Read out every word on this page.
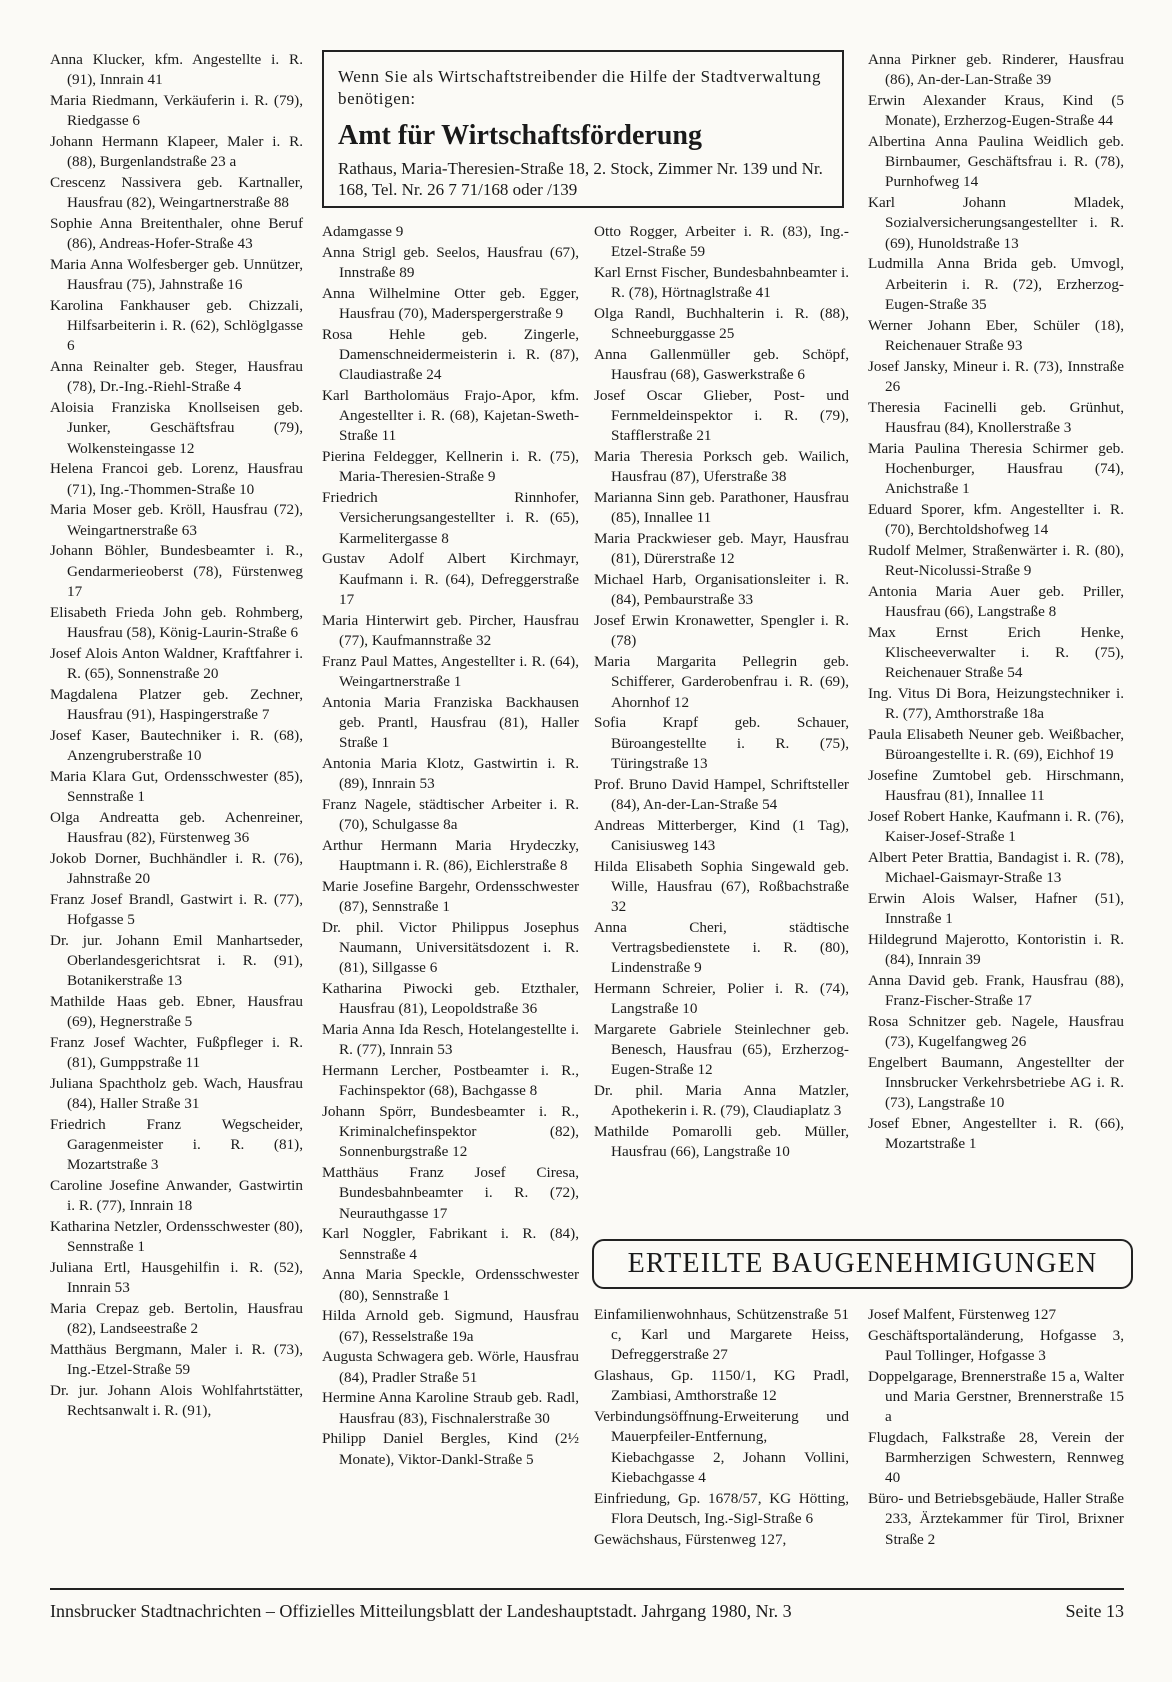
Anna Klucker, kfm. Angestellte i. R. (91), Innrain 41

Maria Riedmann, Verkäuferin i. R. (79), Riedgasse 6

Johann Hermann Klapeer, Maler i. R. (88), Burgenlandstraße 23 a

Crescenz Nassivera geb. Kartnaller, Hausfrau (82), Weingartnerstraße 88

Sophie Anna Breitenthaler, ohne Beruf (86), Andreas-Hofer-Straße 43

Maria Anna Wolfesberger geb. Unnützer, Hausfrau (75), Jahnstraße 16

Karolina Fankhauser geb. Chizzali, Hilfsarbeiterin i. R. (62), Schlöglgasse 6

Anna Reinalter geb. Steger, Hausfrau (78), Dr.-Ing.-Riehl-Straße 4

Aloisia Franziska Knollseisen geb. Junker, Geschäftsfrau (79), Wolkensteingasse 12

Helena Francoi geb. Lorenz, Hausfrau (71), Ing.-Thommen-Straße 10

Maria Moser geb. Kröll, Hausfrau (72), Weingartnerstraße 63

Johann Böhler, Bundesbeamter i. R., Gendarmerieoberst (78), Fürstenweg 17

Elisabeth Frieda John geb. Rohmberg, Hausfrau (58), König-Laurin-Straße 6

Josef Alois Anton Waldner, Kraftfahrer i. R. (65), Sonnenstraße 20

Magdalena Platzer geb. Zechner, Hausfrau (91), Haspingerstraße 7

Josef Kaser, Bautechniker i. R. (68), Anzengruberstraße 10

Maria Klara Gut, Ordensschwester (85), Sennstraße 1

Olga Andreatta geb. Achenreiner, Hausfrau (82), Fürstenweg 36

Jokob Dorner, Buchhändler i. R. (76), Jahnstraße 20

Franz Josef Brandl, Gastwirt i. R. (77), Hofgasse 5

Dr. jur. Johann Emil Manhartseder, Oberlandesgerichtsrat i. R. (91), Botanikerstraße 13

Mathilde Haas geb. Ebner, Hausfrau (69), Hegnerstraße 5

Franz Josef Wachter, Fußpfleger i. R. (81), Gumppstraße 11

Juliana Spachtholz geb. Wach, Hausfrau (84), Haller Straße 31

Friedrich Franz Wegscheider, Garagenmeister i. R. (81), Mozartstraße 3

Caroline Josefine Anwander, Gastwirtin i. R. (77), Innrain 18

Katharina Netzler, Ordensschwester (80), Sennstraße 1

Juliana Ertl, Hausgehilfin i. R. (52), Innrain 53

Maria Crepaz geb. Bertolin, Hausfrau (82), Landseestraße 2

Matthäus Bergmann, Maler i. R. (73), Ing.-Etzel-Straße 59

Dr. jur. Johann Alois Wohlfahrtstätter, Rechtsanwalt i. R. (91),

Wenn Sie als Wirtschaftstreibender die Hilfe der Stadtverwaltung benötigen:

Amt für Wirtschaftsförderung

Rathaus, Maria-Theresien-Straße 18, 2. Stock, Zimmer Nr. 139 und Nr. 168, Tel. Nr. 26 7 71/168 oder /139

Adamgasse 9

Anna Strigl geb. Seelos, Hausfrau (67), Innstraße 89

Anna Wilhelmine Otter geb. Egger, Hausfrau (70), Maderspergerstraße 9

Rosa Hehle geb. Zingerle, Damenschneidermeisterin i. R. (87), Claudiastraße 24

Karl Bartholomäus Frajo-Apor, kfm. Angestellter i. R. (68), Kajetan-Sweth-Straße 11

Pierina Feldegger, Kellnerin i. R. (75), Maria-Theresien-Straße 9

Friedrich Rinnhofer, Versicherungsangestellter i. R. (65), Karmelitergasse 8

Gustav Adolf Albert Kirchmayr, Kaufmann i. R. (64), Defreggerstraße 17

Maria Hinterwirt geb. Pircher, Hausfrau (77), Kaufmannstraße 32

Franz Paul Mattes, Angestellter i. R. (64), Weingartnerstraße 1

Antonia Maria Franziska Backhausen geb. Prantl, Hausfrau (81), Haller Straße 1

Antonia Maria Klotz, Gastwirtin i. R. (89), Innrain 53

Franz Nagele, städtischer Arbeiter i. R. (70), Schulgasse 8a

Arthur Hermann Maria Hrydeczky, Hauptmann i. R. (86), Eichlerstraße 8

Marie Josefine Bargehr, Ordensschwester (87), Sennstraße 1

Dr. phil. Victor Philippus Josephus Naumann, Universitätsdozent i. R. (81), Sillgasse 6

Katharina Piwocki geb. Etzthaler, Hausfrau (81), Leopoldstraße 36

Maria Anna Ida Resch, Hotelangestellte i. R. (77), Innrain 53

Hermann Lercher, Postbeamter i. R., Fachinspektor (68), Bachgasse 8

Johann Spörr, Bundesbeamter i. R., Kriminalchefinspektor (82), Sonnenburgstraße 12

Matthäus Franz Josef Ciresa, Bundesbahnbeamter i. R. (72), Neurauthgasse 17

Karl Noggler, Fabrikant i. R. (84), Sennstraße 4

Anna Maria Speckle, Ordensschwester (80), Sennstraße 1

Hilda Arnold geb. Sigmund, Hausfrau (67), Resselstraße 19a

Augusta Schwagera geb. Wörle, Hausfrau (84), Pradler Straße 51

Hermine Anna Karoline Straub geb. Radl, Hausfrau (83), Fischnalerstraße 30

Philipp Daniel Bergles, Kind (2½ Monate), Viktor-Dankl-Straße 5

Otto Rogger, Arbeiter i. R. (83), Ing.-Etzel-Straße 59

Karl Ernst Fischer, Bundesbahnbeamter i. R. (78), Hörtnaglstraße 41

Olga Randl, Buchhalterin i. R. (88), Schneeburggasse 25

Anna Gallenmüller geb. Schöpf, Hausfrau (68), Gaswerkstraße 6

Josef Oscar Glieber, Post- und Fernmeldeinspektor i. R. (79), Stafflerstraße 21

Maria Theresia Porksch geb. Wailich, Hausfrau (87), Uferstraße 38

Marianna Sinn geb. Parathoner, Hausfrau (85), Innallee 11

Maria Prackwieser geb. Mayr, Hausfrau (81), Dürerstraße 12

Michael Harb, Organisationsleiter i. R. (84), Pembaurstraße 33

Josef Erwin Kronawetter, Spengler i. R. (78)

Maria Margarita Pellegrin geb. Schifferer, Garderobenfrau i. R. (69), Ahornhof 12

Sofia Krapf geb. Schauer, Büroangestellte i. R. (75), Türingstraße 13

Prof. Bruno David Hampel, Schriftsteller (84), An-der-Lan-Straße 54

Andreas Mitterberger, Kind (1 Tag), Canisiusweg 143

Hilda Elisabeth Sophia Singewald geb. Wille, Hausfrau (67), Roßbachstraße 32

Anna Cheri, städtische Vertragsbedienstete i. R. (80), Lindenstraße 9

Hermann Schreier, Polier i. R. (74), Langstraße 10

Margarete Gabriele Steinlechner geb. Benesch, Hausfrau (65), Erzherzog-Eugen-Straße 12

Dr. phil. Maria Anna Matzler, Apothekerin i. R. (79), Claudiaplatz 3

Mathilde Pomarolli geb. Müller, Hausfrau (66), Langstraße 10

Anna Pirkner geb. Rinderer, Hausfrau (86), An-der-Lan-Straße 39

Erwin Alexander Kraus, Kind (5 Monate), Erzherzog-Eugen-Straße 44

Albertina Anna Paulina Weidlich geb. Birnbaumer, Geschäftsfrau i. R. (78), Purnhofweg 14

Karl Johann Mladek, Sozialversicherungsangestellter i. R. (69), Hunoldstraße 13

Ludmilla Anna Brida geb. Umvogl, Arbeiterin i. R. (72), Erzherzog-Eugen-Straße 35

Werner Johann Eber, Schüler (18), Reichenauer Straße 93

Josef Jansky, Mineur i. R. (73), Innstraße 26

Theresia Facinelli geb. Grünhut, Hausfrau (84), Knollerstraße 3

Maria Paulina Theresia Schirmer geb. Hochenburger, Hausfrau (74), Anichstraße 1

Eduard Sporer, kfm. Angestellter i. R. (70), Berchtoldshofweg 14

Rudolf Melmer, Straßenwärter i. R. (80), Reut-Nicolussi-Straße 9

Antonia Maria Auer geb. Priller, Hausfrau (66), Langstraße 8

Max Ernst Erich Henke, Klischeeverwalter i. R. (75), Reichenauer Straße 54

Ing. Vitus Di Bora, Heizungstechniker i. R. (77), Amthorstraße 18a

Paula Elisabeth Neuner geb. Weißbacher, Büroangestellte i. R. (69), Eichhof 19

Josefine Zumtobel geb. Hirschmann, Hausfrau (81), Innallee 11

Josef Robert Hanke, Kaufmann i. R. (76), Kaiser-Josef-Straße 1

Albert Peter Brattia, Bandagist i. R. (78), Michael-Gaismayr-Straße 13

Erwin Alois Walser, Hafner (51), Innstraße 1

Hildegrund Majerotto, Kontoristin i. R. (84), Innrain 39

Anna David geb. Frank, Hausfrau (88), Franz-Fischer-Straße 17

Rosa Schnitzer geb. Nagele, Hausfrau (73), Kugelfangweg 26

Engelbert Baumann, Angestellter der Innsbrucker Verkehrsbetriebe AG i. R. (73), Langstraße 10

Josef Ebner, Angestellter i. R. (66), Mozartstraße 1

ERTEILTE BAUGENEHMIGUNGEN

Einfamilienwohnhaus, Schützenstraße 51 c, Karl und Margarete Heiss, Defreggerstraße 27

Glashaus, Gp. 1150/1, KG Pradl, Zambiasi, Amthorstraße 12

Verbindungsöffnung-Erweiterung und Mauerpfeiler-Entfernung, Kiebachgasse 2, Johann Vollini, Kiebachgasse 4

Einfriedung, Gp. 1678/57, KG Hötting, Flora Deutsch, Ing.-Sigl-Straße 6

Gewächshaus, Fürstenweg 127,

Josef Malfent, Fürstenweg 127

Geschäftsportaländerung, Hofgasse 3, Paul Tollinger, Hofgasse 3

Doppelgarage, Brennerstraße 15 a, Walter und Maria Gerstner, Brennerstraße 15 a

Flugdach, Falkstraße 28, Verein der Barmherzigen Schwestern, Rennweg 40

Büro- und Betriebsgebäude, Haller Straße 233, Ärztekammer für Tirol, Brixner Straße 2

Innsbrucker Stadtnachrichten – Offizielles Mitteilungsblatt der Landeshauptstadt. Jahrgang 1980, Nr. 3	Seite 13
